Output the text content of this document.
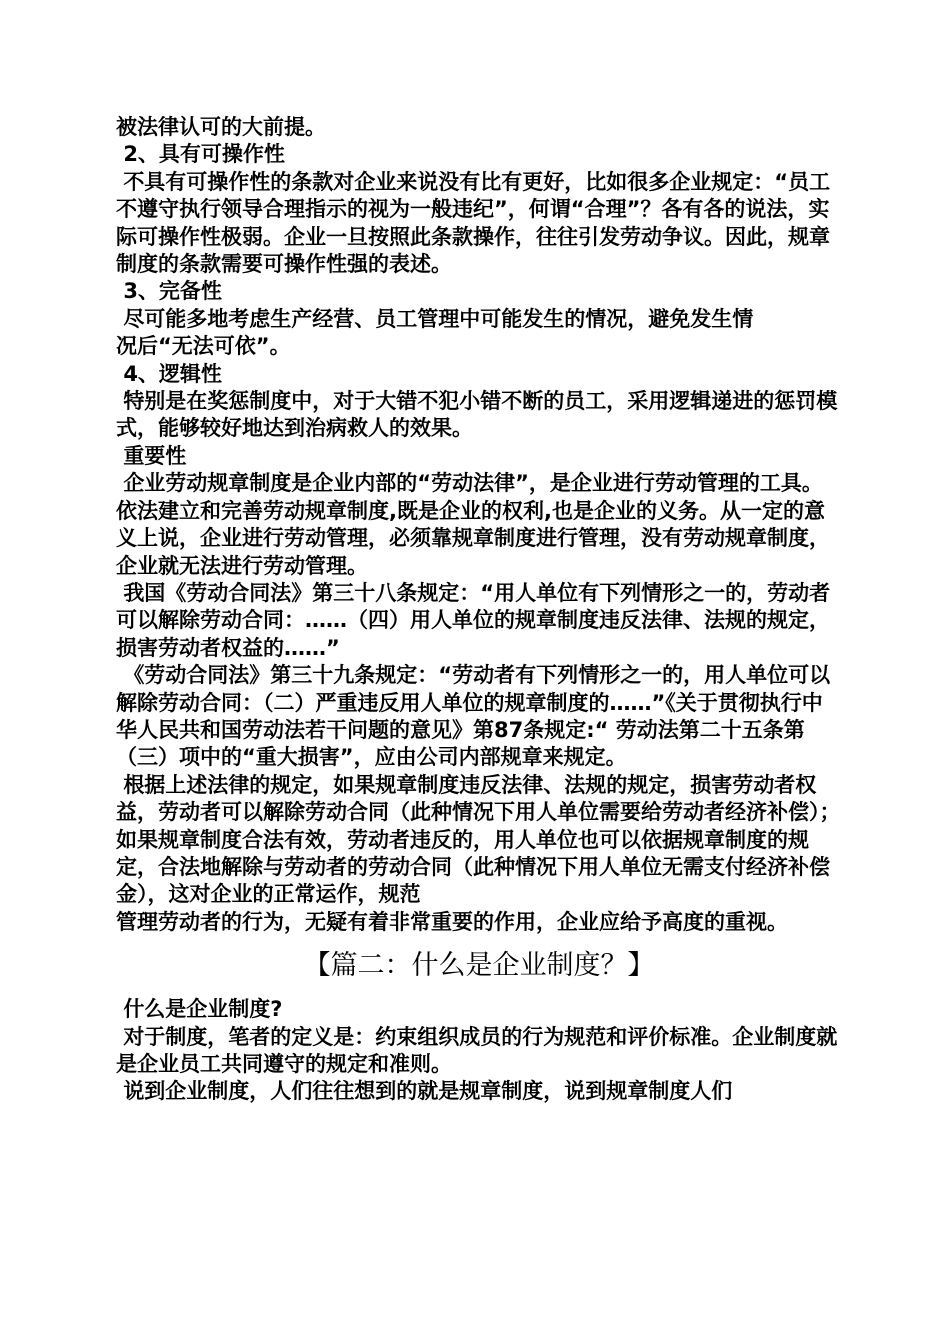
被法律认可的大前提。

2、具有可操作性

不具有可操作性的条款对企业来说没有比有更好，比如很多企业规定：“员工不遵守执行领导合理指示的视为一般违纪”，何谓“合理”？各有各的说法，实际可操作性极弱。企业一旦按照此条款操作，往往引发劳动争议。因此，规章制度的条款需要可操作性强的表述。

3、完备性

尽可能多地考虑生产经营、员工管理中可能发生的情况，避免发生情

况后“无法可依”。

4、逻辑性

特别是在奖惩制度中，对于大错不犯小错不断的员工，采用逻辑递进的惩罚模式，能够较好地达到治病救人的效果。

重要性

企业劳动规章制度是企业内部的“劳动法律”，是企业进行劳动管理的工具。依法建立和完善劳动规章制度,既是企业的权利,也是企业的义务。从一定的意义上说，企业进行劳动管理，必须靠规章制度进行管理，没有劳动规章制度，企业就无法进行劳动管理。

我国《劳动合同法》第三十八条规定：“用人单位有下列情形之一的，劳动者可以解除劳动合同：……（四）用人单位的规章制度违反法律、法规的规定，损害劳动者权益的……”

《劳动合同法》第三十九条规定：“劳动者有下列情形之一的，用人单位可以解除劳动合同：（二）严重违反用人单位的规章制度的……”《关于贯彻执行中华人民共和国劳动法若干问题的意见》第87条规定:“ 劳动法第二十五条第（三）项中的“重大损害”，应由公司内部规章来规定。

根据上述法律的规定，如果规章制度违反法律、法规的规定，损害劳动者权益，劳动者可以解除劳动合同（此种情况下用人单位需要给劳动者经济补偿）；如果规章制度合法有效，劳动者违反的，用人单位也可以依据规章制度的规定，合法地解除与劳动者的劳动合同（此种情况下用人单位无需支付经济补偿金），这对企业的正常运作，规范

管理劳动者的行为，无疑有着非常重要的作用，企业应给予高度的重视。

【篇二：什么是企业制度？】

什么是企业制度?

对于制度，笔者的定义是：约束组织成员的行为规范和评价标准。企业制度就是企业员工共同遵守的规定和准则。

说到企业制度，人们往往想到的就是规章制度，说到规章制度人们
